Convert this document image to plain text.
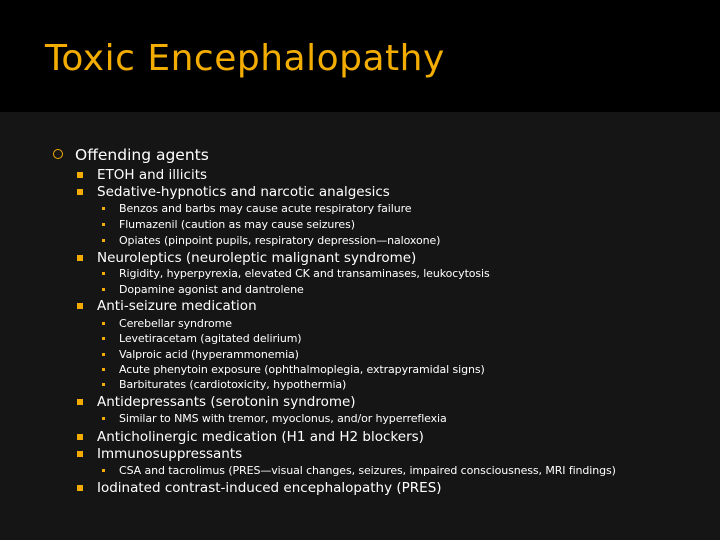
Toxic Encephalopathy
Offending agents
ETOH and illicits
Sedative-hypnotics and narcotic analgesics
Benzos and barbs may cause acute respiratory failure
Flumazenil (caution as may cause seizures)
Opiates (pinpoint pupils, respiratory depression—naloxone)
Neuroleptics (neuroleptic malignant syndrome)
Rigidity, hyperpyrexia, elevated CK and transaminases, leukocytosis
Dopamine agonist and dantrolene
Anti-seizure medication
Cerebellar syndrome
Levetiracetam (agitated delirium)
Valproic acid (hyperammonemia)
Acute phenytoin exposure (ophthalmoplegia, extrapyramidal signs)
Barbiturates (cardiotoxicity, hypothermia)
Antidepressants (serotonin syndrome)
Similar to NMS with tremor, myoclonus, and/or hyperreflexia
Anticholinergic medication (H1 and H2 blockers)
Immunosuppressants
CSA and tacrolimus (PRES—visual changes, seizures, impaired consciousness, MRI findings)
Iodinated contrast-induced encephalopathy (PRES)
